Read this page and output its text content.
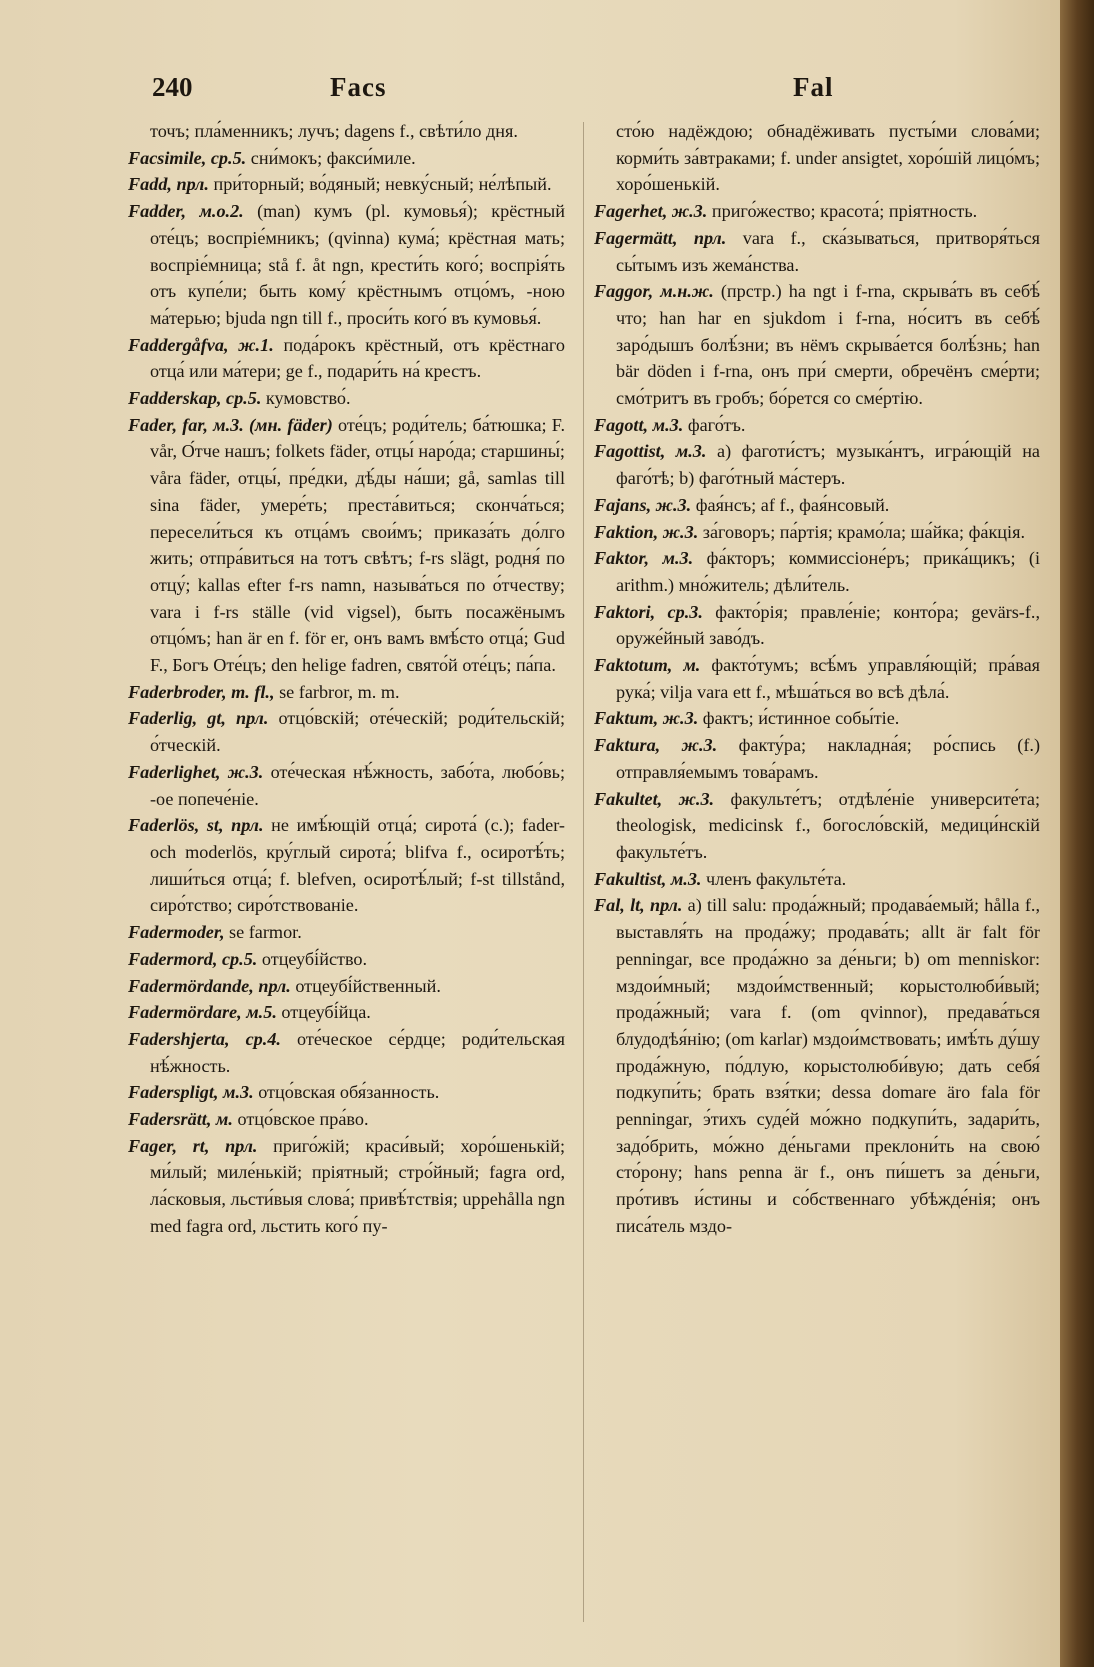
240	Facs	Fal

точъ; пла́менникъ; лучъ; dagens f., свѣти́ло дня.

Facsimile, ср.5. сни́мокъ; факси́миле.

Fadd, прл. при́торный; во́дяный; невку́сный; не́лѣпый.

Fadder, м.о.2. (man) кумъ (pl. кумовья́); крёстный оте́цъ; воспріе́мникъ; (qvinna) кума́; крёстная мать; воспріе́мница; stå f. åt ngn, крести́ть кого́; воспрія́ть отъ купе́ли; быть кому́ крёстнымъ отцо́мъ, -ною ма́терью; bjuda ngn till f., проси́ть кого́ въ кумовья́.

Faddergåfva, ж.1. пода́рокъ крёстный, отъ крёстнаго отца́ или ма́тери; ge f., подари́ть на́ крестъ.

Fadderskap, ср.5. кумовство́.

Fader, far, м.3. (мн. fäder) оте́цъ; роди́тель; ба́тюшка; F. vår, О́тче нашъ; folkets fäder, отцы́ наро́да; старшины́; våra fäder, отцы́, пре́дки, дѣ́ды на́ши; gå, samlas till sina fäder, умере́ть; преста́виться; сконча́ться; пересели́ться къ отца́мъ свои́мъ; приказа́ть до́лго жить; отпра́виться на тотъ свѣтъ; f-rs slägt, родня́ по отцу́; kallas efter f-rs namn, называ́ться по о́тчеству; vara i f-rs ställe (vid vigsel), быть посажёнымъ отцо́мъ; han är en f. för er, онъ вамъ вмѣ́сто отца́; Gud F., Богъ Оте́цъ; den helige fadren, свято́й оте́цъ; па́па.

Faderbroder, m. fl., se farbror, m. m.

Faderlig, gt, прл. отцо́вскій; оте́ческій; роди́тельскій; о́тческій.

Faderlighet, ж.3. оте́ческая нѣ́жность, забо́та, любо́вь; -ое попече́ніе.

Faderlös, st, прл. не имѣ́ющій отца́; сирота́ (с.); fader- och moderlös, кру́глый сирота́; blifva f., осиротѣ́ть; лиши́ться отца́; f. blefven, осиротѣ́лый; f-st tillstånd, сиро́тство; сиро́тствованіе.

Fadermoder, se farmor.

Fadermord, ср.5. отцеубі́йство.

Fadermördande, прл. отцеубі́йственный.

Fadermördare, м.5. отцеубі́йца.

Fadershjerta, ср.4. оте́ческое се́рдце; роди́тельская нѣ́жность.

Faderspligt, м.3. отцо́вская обя́занность.

Fadersrätt, м. отцо́вское пра́во.

Fager, rt, прл. приго́жій; краси́вый; хоро́шенькій; ми́лый; миле́нькій; пріятный; стро́йный; fagra ord, ла́сковыя, льсти́выя слова́; привѣ́тствія; uppehålla ngn med fagra ord, льстить кого́ пу-

сто́ю надёждою; обнадёживать пусты́ми слова́ми; корми́ть за́втраками; f. under ansigtet, хоро́шій лицо́мъ; хоро́шенькій.

Fagerhet, ж.3. приго́жество; красота́; пріятность.

Fagermätt, прл. vara f., ска́зываться, притворя́ться сы́тымъ изъ жема́нства.

Faggor, м.н.ж. (прстр.) ha ngt i f-rna, скрыва́ть въ себѣ́ что; han har en sjukdom i f-rna, но́ситъ въ себѣ́ заро́дышъ болѣ́зни; въ нёмъ скрыва́ется болѣ́знь; han bär döden i f-rna, онъ при́ смерти, обречёнъ сме́рти; смо́тритъ въ гробъ; бо́рется со сме́ртію.

Fagott, м.3. фаго́тъ.

Fagottist, м.3. a) фаготи́стъ; музыка́нтъ, игра́ющій на фаго́тѣ; b) фаго́тный ма́стеръ.

Fajans, ж.3. фая́нсъ; af f., фая́нсовый.

Faktion, ж.3. за́говоръ; па́ртія; крамо́ла; ша́йка; фа́кція.

Faktor, м.3. фа́кторъ; коммиссіоне́ръ; прика́щикъ; (i arithm.) мно́житель; дѣли́тель.

Faktori, ср.3. факто́рія; правле́ніе; конто́ра; gevärs-f., оруже́йный заво́дъ.

Faktotum, м. факто́тумъ; всѣ́мъ управля́ющій; пра́вая рука́; vilja vara ett f., мѣша́ться во всѣ дѣла́.

Faktum, ж.3. фактъ; и́стинное собы́тіе.

Faktura, ж.3. факту́ра; накладна́я; ро́спись (f.) отправля́емымъ това́рамъ.

Fakultet, ж.3. факульте́тъ; отдѣле́ніе университе́та; theologisk, medicinsk f., богосло́вскій, медици́нскій факульте́тъ.

Fakultist, м.3. членъ факульте́та.

Fal, lt, прл. a) till salu: прода́жный; продава́емый; hålla f., выставля́ть на прода́жу; продава́ть; allt är falt för penningar, все прода́жно за де́ньги; b) om menniskor: мздои́мный; мздои́мственный; корыстолюби́вый; прода́жный; vara f. (om qvinnor), предава́ться блудодѣя́нію; (om karlar) мздои́мствовать; имѣ́ть ду́шу прода́жную, по́длую, корыстолюби́вую; дать себя́ подкупи́ть; брать взя́тки; dessa domare äro fala för penningar, э́тихъ суде́й мо́жно подкупи́ть, задари́ть, задо́брить, мо́жно де́ньгами преклони́ть на свою́ сто́рону; hans penna är f., онъ пи́шетъ за де́ньги, про́тивъ и́стины и со́бственнаго убѣжде́нія; онъ писа́тель мздо-
